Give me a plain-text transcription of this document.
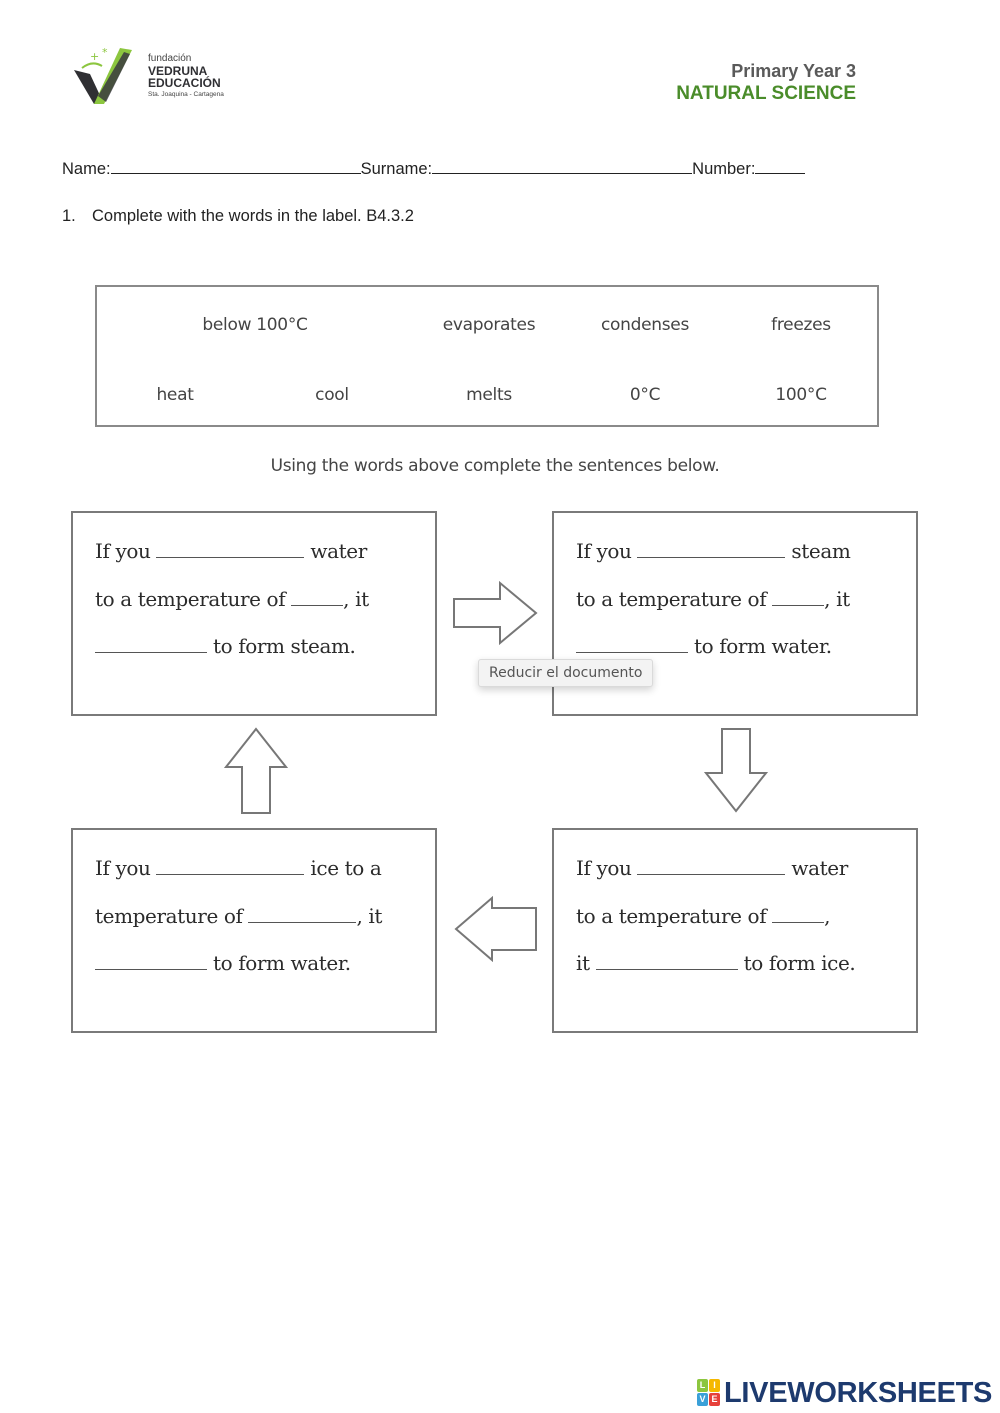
+ *	fundación
VEDRUNA
EDUCACIÓN
Sta. Joaquina - Cartagena
Primary Year 3
NATURAL SCIENCE
Name:	Surname:	Number:
1. Complete with the words in the label. B4.3.2
below 100°C	evaporates	condenses	freezes
heat	cool	melts	0°C	100°C
Using the words above complete the sentences below.
If you	water
to a temperature of	, it
to form steam.
If you	steam
to a temperature of	, it
to form water.
If you	water
to a temperature of	,
it	to form ice.
If you	ice to a
temperature of	, it
to form water.
Reducir el documento
L I
V E LIVEWORKSHEETS
